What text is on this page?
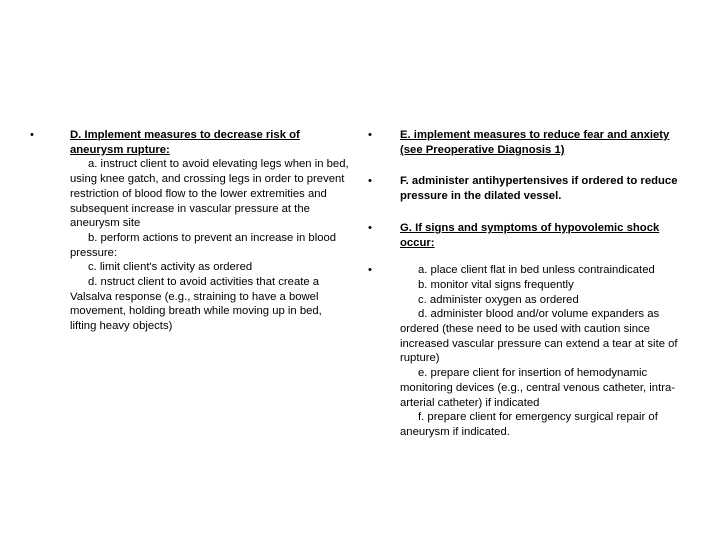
•	D. Implement measures to decrease risk of aneurysm rupture:
a. instruct client to avoid elevating legs when in bed, using knee gatch, and crossing legs in order to prevent restriction of blood flow to the lower extremities and subsequent increase in vascular pressure at the aneurysm site
b. perform actions to prevent an increase in blood pressure:
c. limit client's activity as ordered
d. nstruct client to avoid activities that create a Valsalva response (e.g., straining to have a bowel movement, holding breath while moving up in bed, lifting heavy objects)
•	E. implement measures to reduce fear and anxiety (see Preoperative Diagnosis 1)
•	F. administer antihypertensives if ordered to reduce pressure in the dilated vessel.
•	G. If signs and symptoms of hypovolemic shock occur:
•	a. place client flat in bed unless contraindicated
b. monitor vital signs frequently
c. administer oxygen as ordered
d. administer blood and/or volume expanders as ordered (these need to be used with caution since increased vascular pressure can extend a tear at site of rupture)
e. prepare client for insertion of hemodynamic monitoring devices (e.g., central venous catheter, intra-arterial catheter) if indicated
f. prepare client for emergency surgical repair of aneurysm if indicated.
